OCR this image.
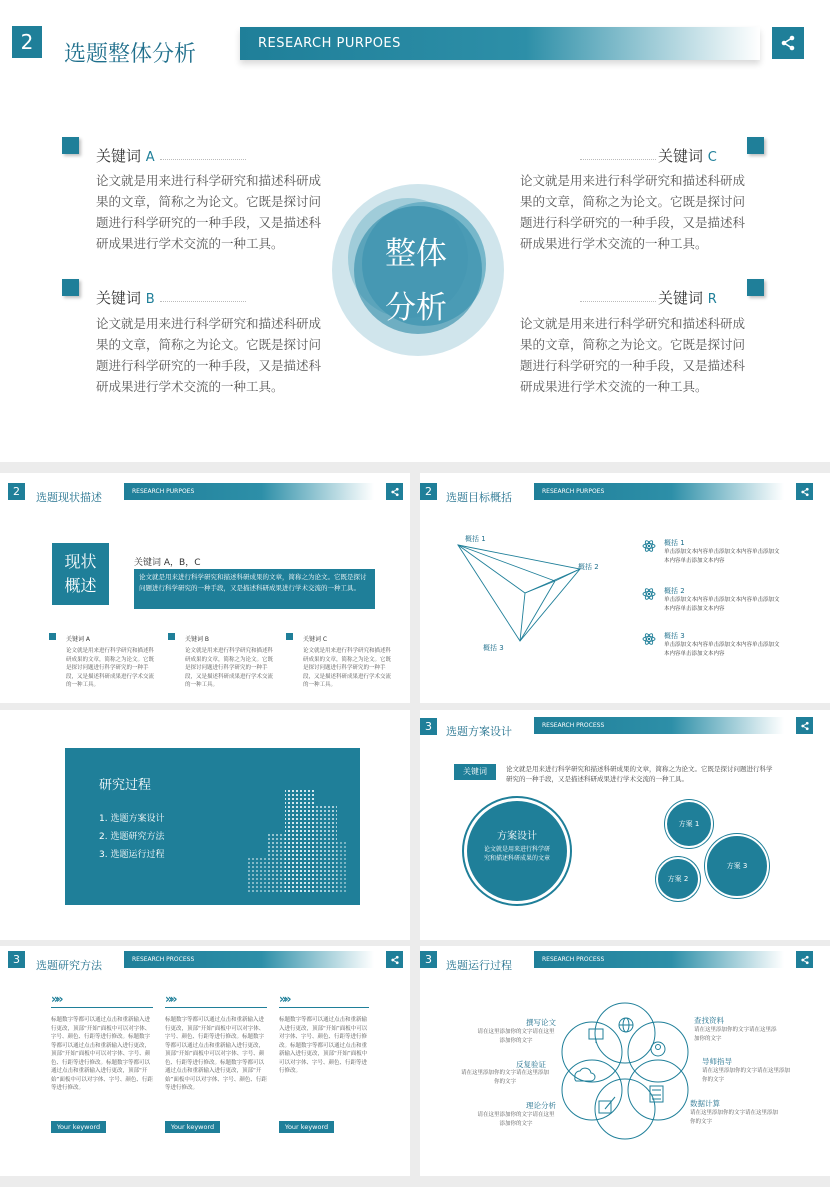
2	选题整体分析	RESEARCH PURPOES
整体
分析
关键词 A
论文就是用来进行科学研究和描述科研成果的文章，简称之为论文。它既是探讨问题进行科学研究的一种手段，又是描述科研成果进行学术交流的一种工具。
关键词 B
论文就是用来进行科学研究和描述科研成果的文章，简称之为论文。它既是探讨问题进行科学研究的一种手段，又是描述科研成果进行学术交流的一种工具。
关键词 C
论文就是用来进行科学研究和描述科研成果的文章，简称之为论文。它既是探讨问题进行科学研究的一种手段，又是描述科研成果进行学术交流的一种工具。
关键词 R
论文就是用来进行科学研究和描述科研成果的文章，简称之为论文。它既是探讨问题进行科学研究的一种手段，又是描述科研成果进行学术交流的一种工具。
2	选题现状描述	RESEARCH PURPOES
现状
概述
关键词 A，B，C
论文就是用来进行科学研究和描述科研成果的文章，简称之为论文。它既是探讨问题进行科学研究的一种手段，又是描述科研成果进行学术交流的一种工具。
关键词 A
论文就是用来进行科学研究和描述科研成果的文章，简称之为论文。它既是探讨问题进行科学研究的一种手段，又是描述科研成果进行学术交流的一种工具。
关键词 B
论文就是用来进行科学研究和描述科研成果的文章，简称之为论文。它既是探讨问题进行科学研究的一种手段，又是描述科研成果进行学术交流的一种工具。
关键词 C
论文就是用来进行科学研究和描述科研成果的文章，简称之为论文。它既是探讨问题进行科学研究的一种手段，又是描述科研成果进行学术交流的一种工具。
2	选题目标概括	RESEARCH PURPOES
概括 1
概括 2
概括 3
概括 1
单击添加文本内容单击添加文本内容单击添加文本内容单击添加文本内容
概括 2
单击添加文本内容单击添加文本内容单击添加文本内容单击添加文本内容
概括 3
单击添加文本内容单击添加文本内容单击添加文本内容单击添加文本内容
研究过程
1. 选题方案设计
2. 选题研究方法
3. 选题运行过程
3	选题方案设计	RESEARCH PROCESS
关键词	论文就是用来进行科学研究和描述科研成果的文章，简称之为论文。它既是探讨问题进行科学研究的一种手段，又是描述科研成果进行学术交流的一种工具。
方案设计
论文就是用来进行科学研究和描述科研成果的文章
方案 1
方案 2
方案 3
3	选题研究方法	RESEARCH PROCESS
»»
标题数字等都可以通过点击和重新输入进行更改，顶部“开始”面板中可以对字体、字号、颜色、行距等进行修改。标题数字等都可以通过点击和重新输入进行更改，顶部“开始”面板中可以对字体、字号、颜色、行距等进行修改。标题数字等都可以通过点击和重新输入进行更改，顶部“开始”面板中可以对字体、字号、颜色、行距等进行修改。
Your keyword
»»
标题数字等都可以通过点击和重新输入进行更改，顶部“开始”面板中可以对字体、字号、颜色、行距等进行修改。标题数字等都可以通过点击和重新输入进行更改，顶部“开始”面板中可以对字体、字号、颜色、行距等进行修改。标题数字等都可以通过点击和重新输入进行更改，顶部“开始”面板中可以对字体、字号、颜色、行距等进行修改。
Your keyword
»»
标题数字等都可以通过点击和重新输入进行更改，顶部“开始”面板中可以对字体、字号、颜色、行距等进行修改。标题数字等都可以通过点击和重新输入进行更改，顶部“开始”面板中可以对字体、字号、颜色、行距等进行修改。
Your keyword
3	选题运行过程	RESEARCH PROCESS
撰写论文
请在这里添加你的文字请在这里添加你的文字
反复验证
请在这里添加你的文字请在这里添加你的文字
理论分析
请在这里添加你的文字请在这里添加你的文字
查找资料
请在这里添加你的文字请在这里添加你的文字
导师指导
请在这里添加你的文字请在这里添加你的文字
数据计算
请在这里添加你的文字请在这里添加你的文字
